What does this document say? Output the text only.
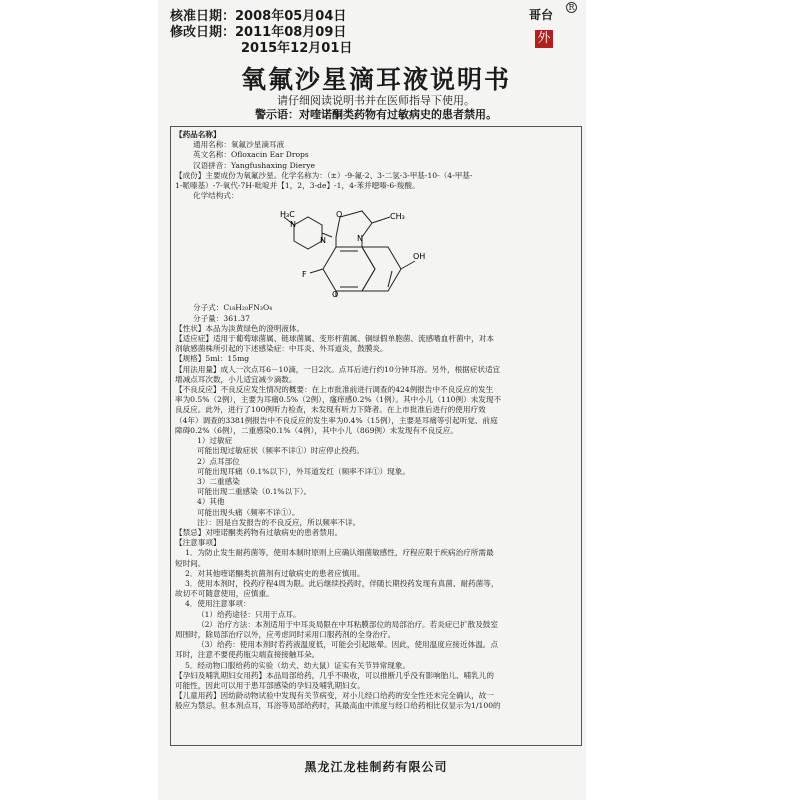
核准日期：2008年05月04日
修改日期：2011年08月09日
2015年12月01日
哥台
R
外
氧氟沙星滴耳液说明书
请仔细阅读说明书并在医师指导下使用。
警示语：对喹诺酮类药物有过敏病史的患者禁用。

【药品名称】

通用名称：氧氟沙星滴耳液

英文名称：Ofloxacin Ear Drops

汉语拼音：Yangfushaxing Dierye

【成份】主要成份为氧氟沙星。化学名称为：（±）-9-氟-2、3-二氢-3-甲基-10-（4-甲基-

1-哌嗪基）-7-氧代-7H-吡啶并【1，2，3-de】-1，4-苯并噁嗪-6-羧酸。

化学结构式：

分子式：C₁₈H₂₀FN₃O₄

分子量：361.37

【性状】本品为淡黄绿色的澄明液体。

【适应症】适用于葡萄球菌属、链球菌属、变形杆菌属、铜绿假单胞菌、流感嗜血杆菌中，对本

剂敏感菌株所引起的下述感染症：中耳炎、外耳道炎，鼓膜炎。

【规格】5ml：15mg

【用法用量】成人一次点耳6－10滴，一日2次。点耳后进行约10分钟耳浴。另外，根据症状适宜

增减点耳次数，小儿适宜减少滴数。

【不良反应】不良反应发生情况的概要：在上市批准前进行调查的424例报告中不良反应的发生

率为0.5%（2例），主要为耳痛0.5%（2例），瘙痒感0.2%（1例）。其中小儿（110例）未发现不

良反应。此外，进行了100例听力检查，未发现有听力下降者。在上市批准后进行的使用疗效

（4年）调查的3381例报告中不良反应的发生率为0.4%（15例），主要是耳痛等引起听觉、前庭

障碍0.2%（6例），二重感染0.1%（4例），其中小儿（869例）未发现有不良反应。

1）过敏症

可能出现过敏症状（频率不详①）时应停止投药。

2）点耳部位

可能出现耳痛（0.1%以下），外耳道发红（频率不详①）现象。

3）二重感染

可能出现二重感染（0.1%以下）。

4）其他

可能出现头痛（频率不详①）。

注）：因是自发报告的不良反应，所以频率不详。

【禁忌】对喹诺酮类药物有过敏病史的患者禁用。

【注意事项】

1．为防止发生耐药菌等，使用本制时原则上应确认细菌敏感性，疗程应限于疾病治疗所需最

短时间。

2．对其他喹诺酮类抗菌剂有过敏病史的患者应慎用。

3．使用本剂时，投药疗程4周为限。此后继续投药时，伴随长期投药发现有真菌、耐药菌等，

故切不可随意使用，应慎重。

4．使用注意事项：

（1）给药途径：只用于点耳。

（2）治疗方法：本剂适用于中耳炎局限在中耳粘膜部位的局部治疗。若炎症已扩散及鼓室

周围时，除局部治疗以外，应考虑同时采用口服药剂的全身治疗。

（3）给药：使用本剂时若药液温度低，可能会引起眩晕。因此，使用温度应接近体温。点

耳时，注意不要使药瓶尖端直接接触耳朵。

5．经动物口服给药的实验（幼犬、幼大鼠）证实有关节异常现象。

【孕妇及哺乳期妇女用药】本品局部给药，几乎不吸收，可以推断几乎没有影响胎儿、哺乳儿的

可能性，因此可以用于患耳部感染的孕妇及哺乳期妇女。

【儿童用药】因幼龄动物试验中发现有关节病变，对小儿经口给药的安全性还未完全确认，故一

般应为禁忌。但本剂点耳，耳浴等局部给药时，其最高血中浓度与经口给药相比仅显示为1/100的

H₃C
N
N	N
O	CH₃
F
O
OH
黑龙江龙桂制药有限公司
